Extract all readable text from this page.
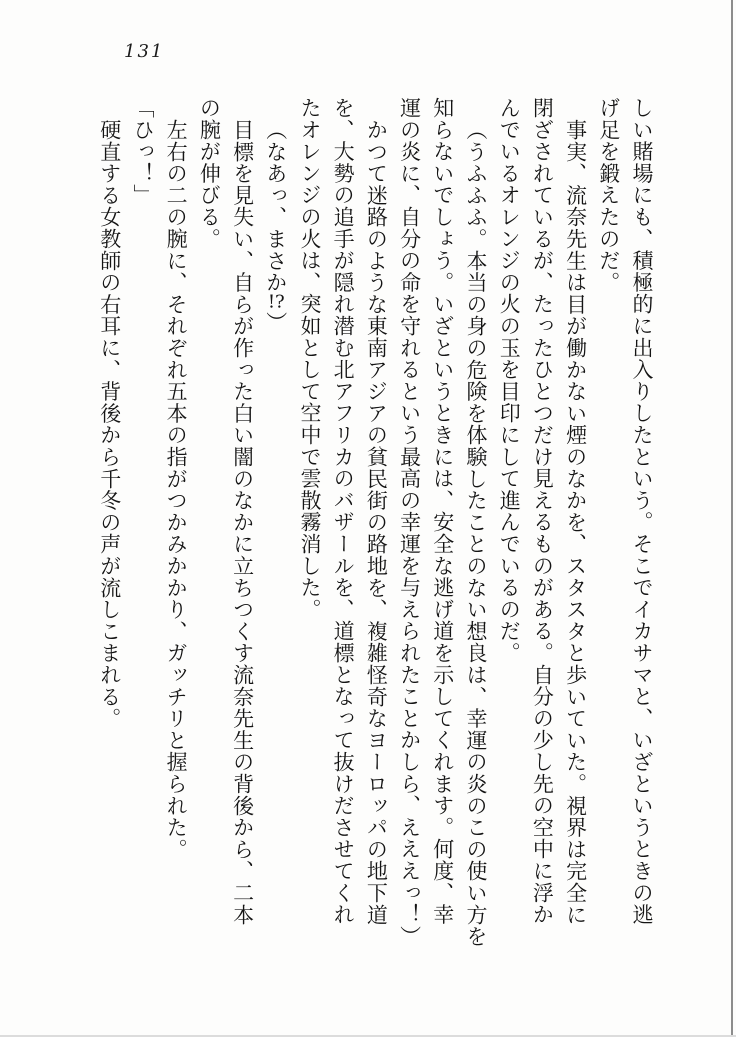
131
しい賭場にも、積極的に出入りしたという。そこでイカサマと、いざというときの逃
げ足を鍛えたのだ。
事実、流奈先生は目が働かない煙のなかを、スタスタと歩いていた。視界は完全に
閉ざされているが、たったひとつだけ見えるものがある。自分の少し先の空中に浮か
んでいるオレンジの火の玉を目印にして進んでいるのだ。
（うふふふ。本当の身の危険を体験したことのない想良は、幸運の炎のこの使い方を
知らないでしょう。いざというときには、安全な逃げ道を示してくれます。何度、幸
運の炎に、自分の命を守れるという最高の幸運を与えられたことかしら、えええっ！）
かつて迷路のような東南アジアの貧民街の路地を、複雑怪奇なヨーロッパの地下道
を、大勢の追手が隠れ潜む北アフリカのバザールを、道標となって抜けださせてくれ
たオレンジの火は、突如として空中で雲散霧消した。
（なあっ、まさか!?）
目標を見失い、自らが作った白い闇のなかに立ちつくす流奈先生の背後から、二本
の腕が伸びる。
左右の二の腕に、それぞれ五本の指がつかみかかり、ガッチリと握られた。
「ひっ！」
硬直する女教師の右耳に、背後から千冬の声が流しこまれる。
